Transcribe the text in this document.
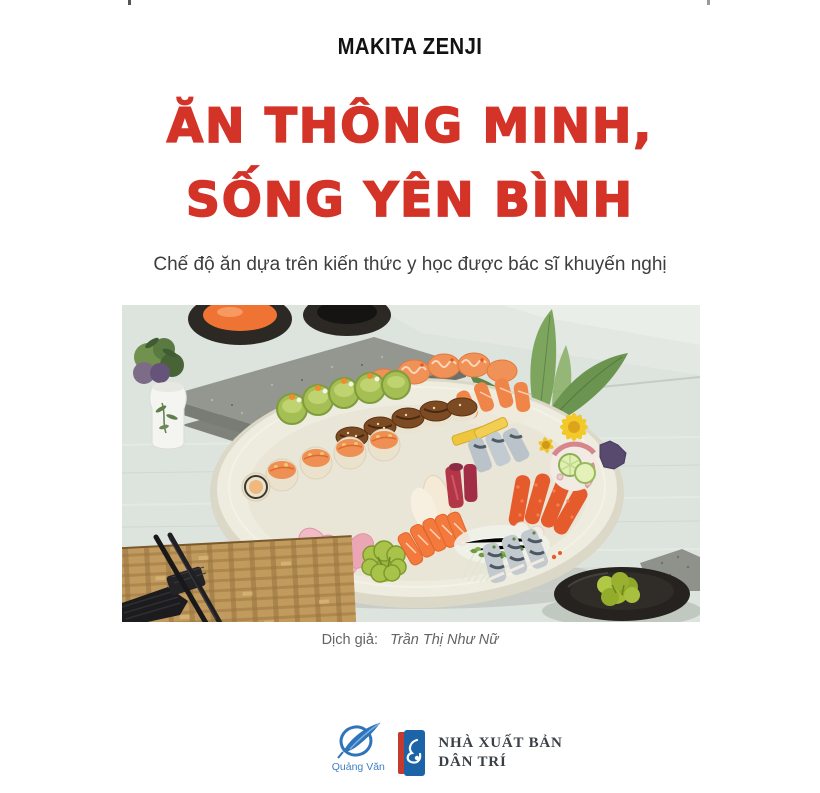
MAKITA ZENJI
ĂN THÔNG MINH,
SỐNG YÊN BÌNH
Chế độ ăn dựa trên kiến thức y học được bác sĩ khuyến nghị
Dịch giả: Trần Thị Như Nữ
Quảng Văn
NHÀ XUẤT BẢN
DÂN TRÍ
